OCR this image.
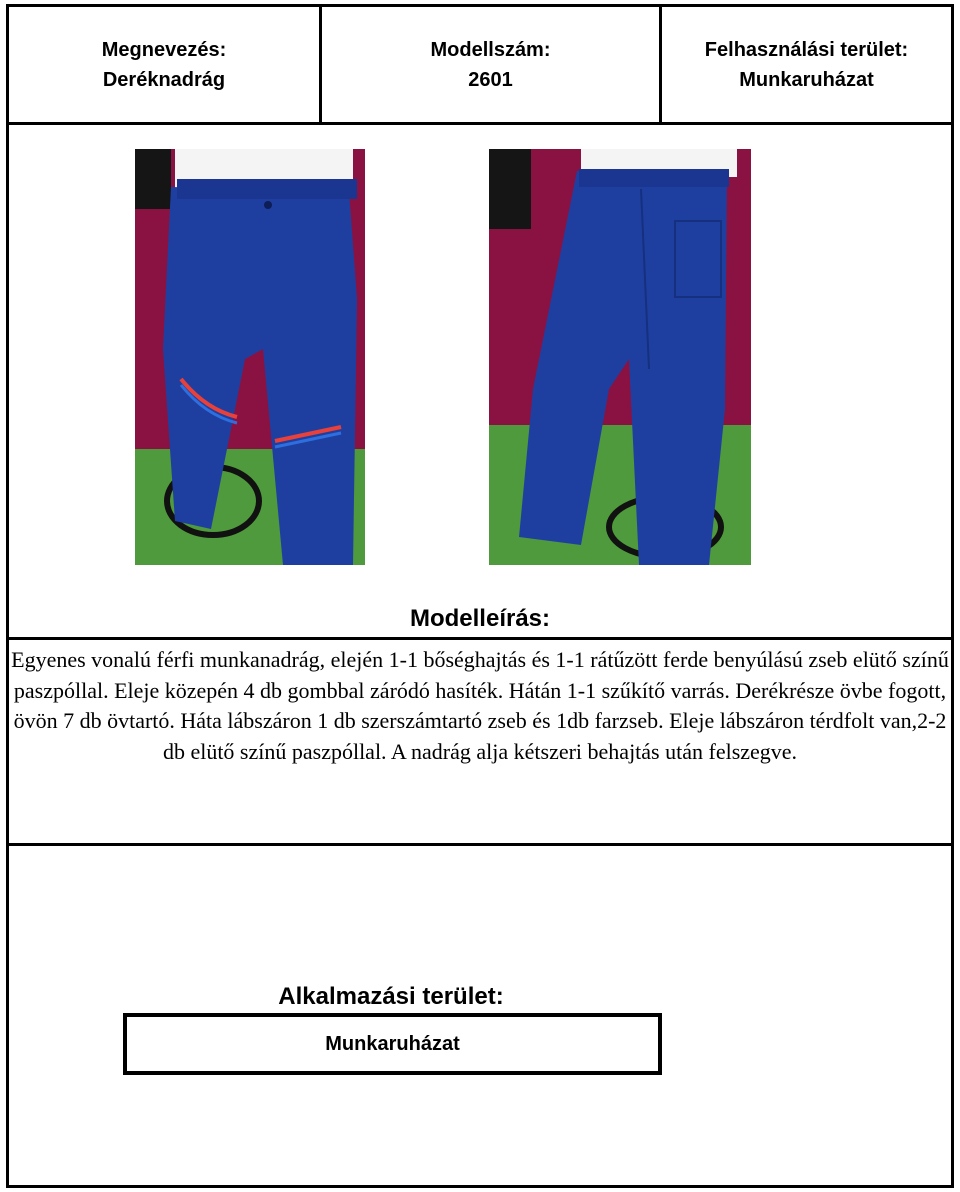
Megnevezés:
Deréknadrág
Modellszám:
2601
Felhasználási terület:
Munkaruházat
Modelleírás:

Egyenes vonalú férfi munkanadrág, elején 1-1 bőséghajtás és 1-1 rátűzött ferde benyúlású zseb elütő színű paszpóllal. Eleje közepén 4 db gombbal záródó hasíték. Hátán 1-1 szűkítő varrás. Derékrésze övbe fogott, övön 7 db övtartó. Háta lábszáron 1 db szerszámtartó zseb és 1db farzseb. Eleje lábszáron térdfolt van,2-2 db elütő színű paszpóllal. A nadrág alja kétszeri behajtás után felszegve.

Alkalmazási terület:
Munkaruházat
